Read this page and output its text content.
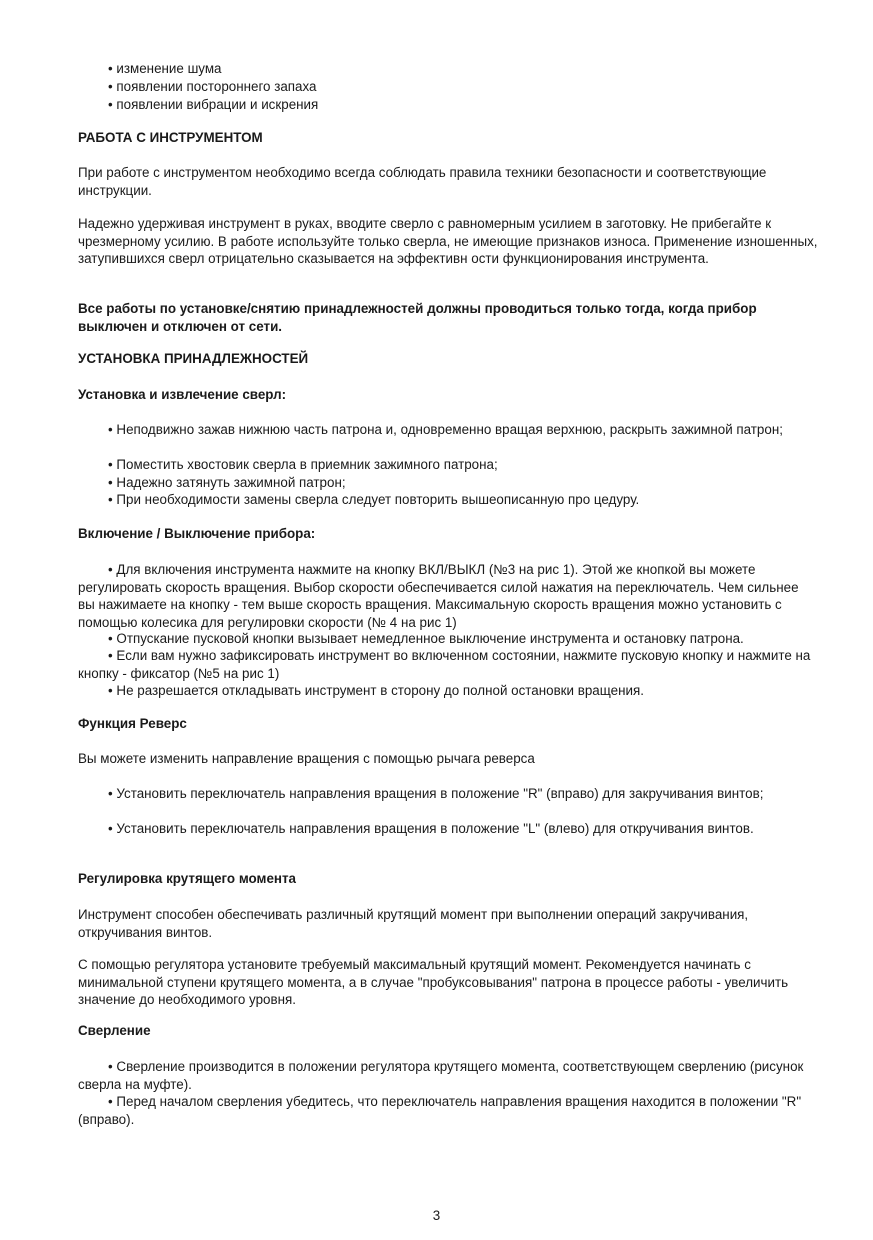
• изменение шума

• появлении постороннего запаха

• появлении вибрации и искрения

РАБОТА С ИНСТРУМЕНТОМ

При работе с инструментом необходимо всегда соблюдать правила техники безопасности и соответствующие инструкции.

Надежно удерживая инструмент в руках, вводите сверло с равномерным усилием в заготовку. Не прибегайте к чрезмерному усилию. В работе используйте только сверла, не имеющие признаков износа. Применение изношенных, затупившихся сверл отрицательно сказывается на эффективн ости функционирования инструмента.

Все работы по установке/снятию принадлежностей должны проводиться только тогда, когда прибор выключен и отключен от сети.

УСТАНОВКА ПРИНАДЛЕЖНОСТЕЙ

Установка и извлечение сверл:

• Неподвижно зажав нижнюю часть патрона и, одновременно вращая верхнюю, раскрыть зажимной патрон;

• Поместить хвостовик сверла в приемник зажимного патрона;

• Надежно затянуть зажимной патрон;

• При необходимости замены сверла следует повторить вышеописанную про цедуру.

Включение / Выключение прибора:

• Для включения инструмента нажмите на кнопку ВКЛ/ВЫКЛ (№3 на рис 1). Этой же кнопкой вы можете регулировать скорость вращения. Выбор скорости обеспечивается силой нажатия на переключатель. Чем сильнее вы нажимаете на кнопку - тем выше скорость вращения. Максимальную скорость вращения можно установить с помощью колесика для регулировки скорости (№ 4 на рис 1)

• Отпускание пусковой кнопки вызывает немедленное выключение инструмента и остановку патрона.

• Если вам нужно зафиксировать инструмент во включенном состоянии, нажмите пусковую кнопку и нажмите на кнопку - фиксатор (№5 на рис 1)

• Не разрешается откладывать инструмент в сторону до полной остановки вращения.

Функция Реверс

Вы можете изменить направление вращения с помощью рычага реверса

• Установить переключатель направления вращения в положение "R" (вправо) для закручивания винтов;

• Установить переключатель направления вращения в положение "L" (влево) для откручивания винтов.

Регулировка крутящего момента

Инструмент способен обеспечивать различный крутящий момент при выполнении операций закручивания, откручивания винтов.

С помощью регулятора установите требуемый максимальный крутящий момент. Рекомендуется начинать с минимальной ступени крутящего момента, а в случае "пробуксовывания" патрона в процессе работы - увеличить значение до необходимого уровня.

Сверление

• Сверление производится в положении регулятора крутящего момента, соответствующем сверлению (рисунок сверла на муфте).

• Перед началом сверления убедитесь, что переключатель направления вращения находится в положении "R" (вправо).

3
